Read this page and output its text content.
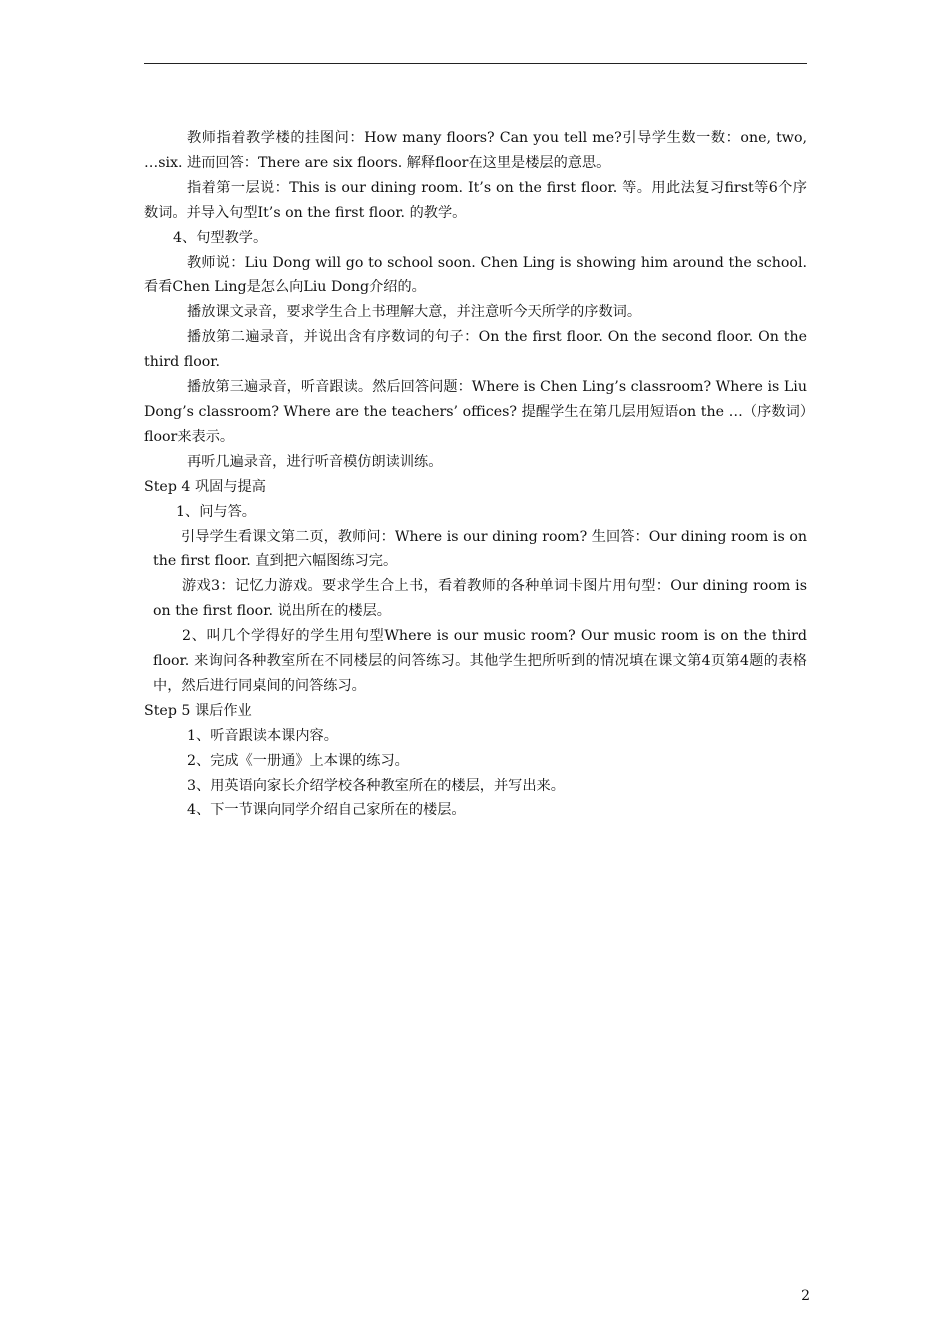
教师指着教学楼的挂图问：How many floors? Can you tell me?引导学生数一数：one, two, …six. 进而回答：There are six floors. 解释floor在这里是楼层的意思。

指着第一层说：This is our dining room. It’s on the first floor. 等。用此法复习first等6个序数词。并导入句型It’s on the first floor. 的教学。

4、句型教学。

教师说：Liu Dong will go to school soon. Chen Ling is showing him around the school. 看看Chen Ling是怎么向Liu Dong介绍的。

播放课文录音，要求学生合上书理解大意，并注意听今天所学的序数词。

播放第二遍录音，并说出含有序数词的句子：On the first floor. On the second floor. On the third floor.

播放第三遍录音，听音跟读。然后回答问题：Where is Chen Ling’s classroom? Where is Liu Dong’s classroom? Where are the teachers’ offices? 提醒学生在第几层用短语on the …（序数词）floor来表示。

再听几遍录音，进行听音模仿朗读训练。

Step 4 巩固与提高

1、问与答。

引导学生看课文第二页，教师问：Where is our dining room? 生回答：Our dining room is on the first floor. 直到把六幅图练习完。

游戏3：记忆力游戏。要求学生合上书，看着教师的各种单词卡图片用句型：Our dining room is on the first floor. 说出所在的楼层。

2、叫几个学得好的学生用句型Where is our music room? Our music room is on the third floor. 来询问各种教室所在不同楼层的问答练习。其他学生把所听到的情况填在课文第4页第4题的表格中，然后进行同桌间的问答练习。

Step 5 课后作业

1、听音跟读本课内容。

2、完成《一册通》上本课的练习。

3、用英语向家长介绍学校各种教室所在的楼层，并写出来。

4、下一节课向同学介绍自己家所在的楼层。

2
